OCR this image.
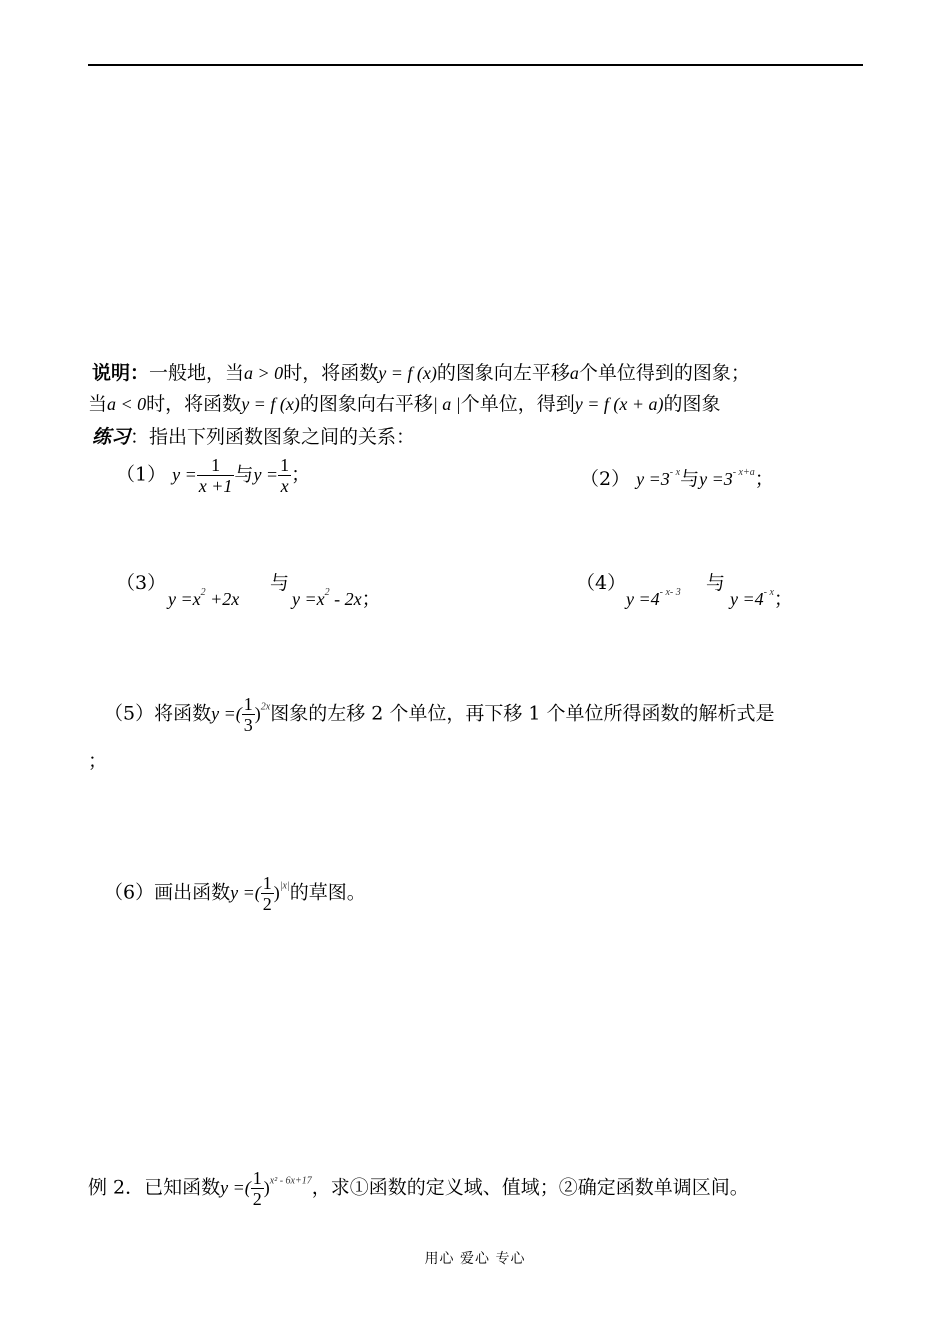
说明：一般地，当a > 0时，将函数y = f (x)的图象向左平移a个单位得到的图象；
当a < 0时，将函数y = f (x)的图象向右平移| a |个单位，得到y = f (x + a)的图象
练习：指出下列函数图象之间的关系：
（1） $y = \frac{1}{x +1}$ 与$y = \frac{1}{x}$ ；	（2） $y =3^{- x}$与$y =3^{- x+a}$；
（3）
$y =x^2 +2x$
与
$y =x^2 - 2x$；
（4）
$y =4^{- x- 3}$ 与
$y =4^{- x}$；
（5）将函数y =( $\frac{1}{3} )^{2x}$图象的左移 2 个单位，再下移 1 个单位所得函数的解析式是
；
（6）画出函数y =( $\frac{1}{2} )^{|x|}$的草图。
例 2．已知函数y =( $\frac{1}{2} )^{x^2 - 6x+17}$，求①函数的定义域、值域；②确定函数单调区间。
用心 爱心 专心
